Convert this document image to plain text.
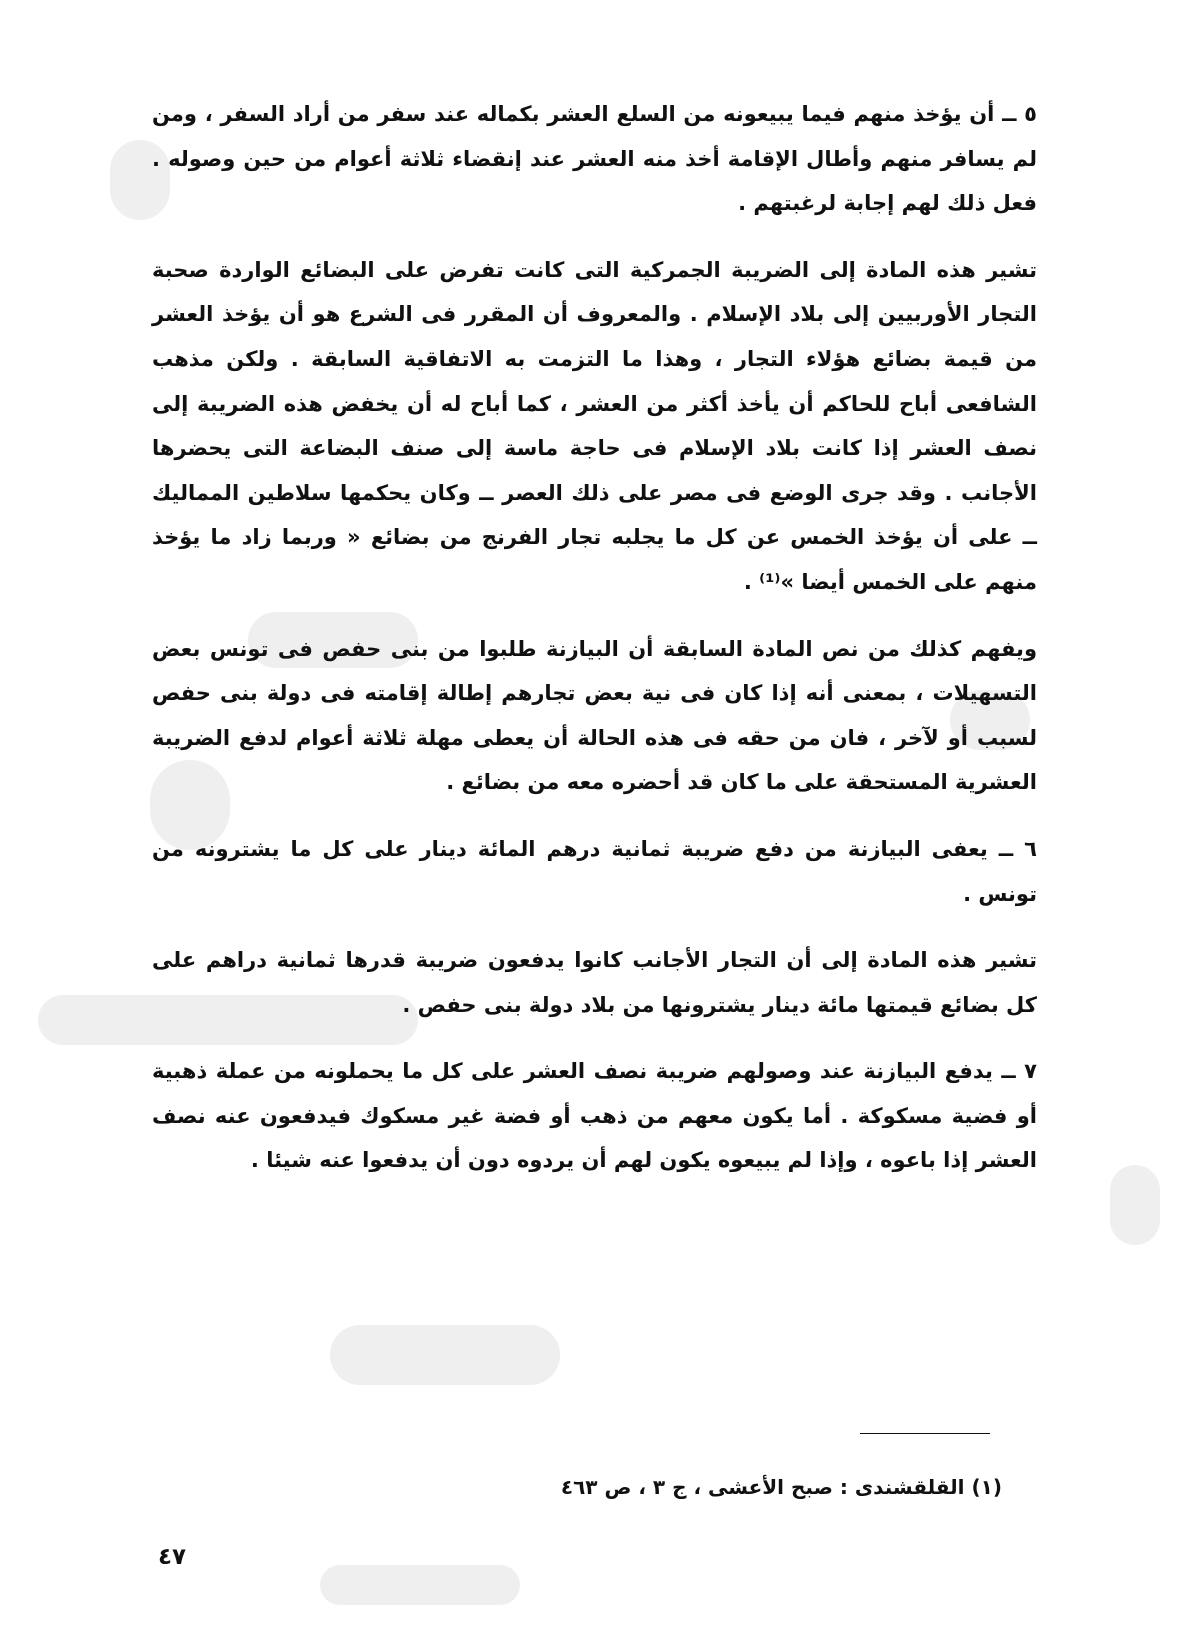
٥ ــ أن يؤخذ منهم فيما يبيعونه من السلع العشر بكماله عند سفر من أراد السفر ، ومن لم يسافر منهم وأطال الإقامة أخذ منه العشر عند إنقضاء ثلاثة أعوام من حين وصوله . فعل ذلك لهم إجابة لرغبتهم .

تشير هذه المادة إلى الضريبة الجمركية التى كانت تفرض على البضائع الواردة صحبة التجار الأوربيين إلى بلاد الإسلام . والمعروف أن المقرر فى الشرع هو أن يؤخذ العشر من قيمة بضائع هؤلاء التجار ، وهذا ما التزمت به الاتفاقية السابقة . ولكن مذهب الشافعى أباح للحاكم أن يأخذ أكثر من العشر ، كما أباح له أن يخفض هذه الضريبة إلى نصف العشر إذا كانت بلاد الإسلام فى حاجة ماسة إلى صنف البضاعة التى يحضرها الأجانب . وقد جرى الوضع فى مصر على ذلك العصر ــ وكان يحكمها سلاطين المماليك ــ على أن يؤخذ الخمس عن كل ما يجلبه تجار الفرنج من بضائع « وربما زاد ما يؤخذ منهم على الخمس أيضا »⁽¹⁾ .

ويفهم كذلك من نص المادة السابقة أن البيازنة طلبوا من بنى حفص فى تونس بعض التسهيلات ، بمعنى أنه إذا كان فى نية بعض تجارهم إطالة إقامته فى دولة بنى حفص لسبب أو لآخر ، فان من حقه فى هذه الحالة أن يعطى مهلة ثلاثة أعوام لدفع الضريبة العشرية المستحقة على ما كان قد أحضره معه من بضائع .

٦ ــ يعفى البيازنة من دفع ضريبة ثمانية درهم المائة دينار على كل ما يشترونه من تونس .

تشير هذه المادة إلى أن التجار الأجانب كانوا يدفعون ضريبة قدرها ثمانية دراهم على كل بضائع قيمتها مائة دينار يشترونها من بلاد دولة بنى حفص .

٧ ــ يدفع البيازنة عند وصولهم ضريبة نصف العشر على كل ما يحملونه من عملة ذهبية أو فضية مسكوكة . أما يكون معهم من ذهب أو فضة غير مسكوك فيدفعون عنه نصف العشر إذا باعوه ، وإذا لم يبيعوه يكون لهم أن يردوه دون أن يدفعوا عنه شيئا .

(١) القلقشندى : صبح الأعشى ، ج ٣ ، ص ٤٦٣

٤٧
